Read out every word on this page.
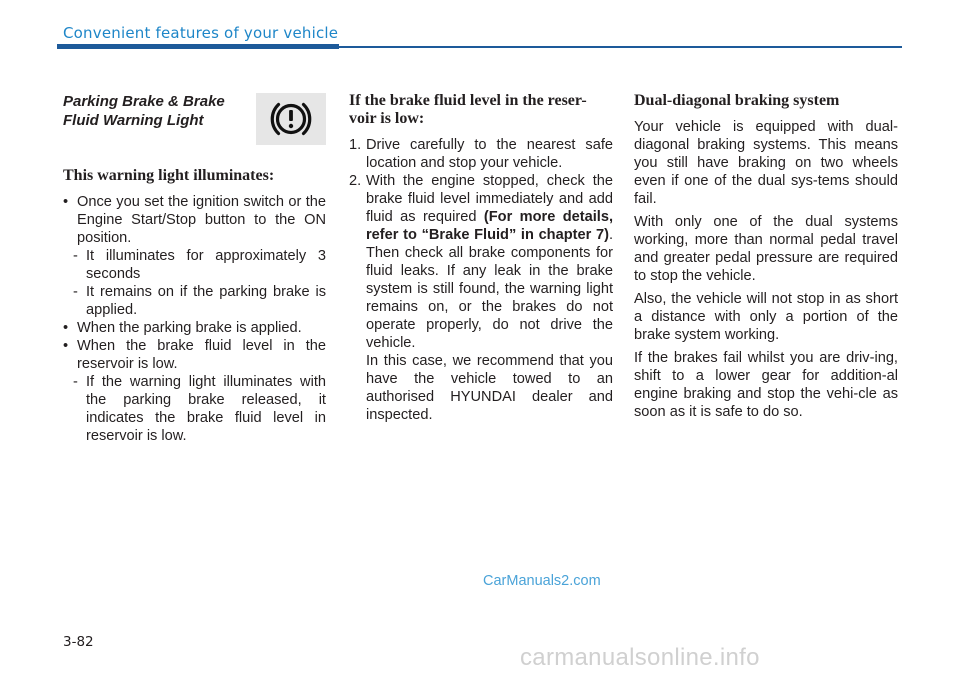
Convenient features of your vehicle

Parking Brake & Brake Fluid Warning Light

This warning light illuminates:

• Once you set the ignition switch or the Engine Start/Stop button to the ON position.

- It illuminates for approximately 3 seconds

- It remains on if the parking brake is applied.

• When the parking brake is applied.

• When the brake fluid level in the reservoir is low.

- If the warning light illuminates with the parking brake released, it indicates the brake fluid level in reservoir is low.

If the brake fluid level in the reser-voir is low:

1. Drive carefully to the nearest safe location and stop your vehicle.

2. With the engine stopped, check the brake fluid level immediately and add fluid as required (For more details, refer to “Brake Fluid” in chapter 7). Then check all brake components for fluid leaks. If any leak in the brake system is still found, the warning light remains on, or the brakes do not operate properly, do not drive the vehicle.

In this case, we recommend that you have the vehicle towed to an authorised HYUNDAI dealer and inspected.

Dual-diagonal braking system

Your vehicle is equipped with dual-diagonal braking systems. This means you still have braking on two wheels even if one of the dual sys-tems should fail.

With only one of the dual systems working, more than normal pedal travel and greater pedal pressure are required to stop the vehicle.

Also, the vehicle will not stop in as short a distance with only a portion of the brake system working.

If the brakes fail whilst you are driv-ing, shift to a lower gear for addition-al engine braking and stop the vehi-cle as soon as it is safe to do so.

CarManuals2.com
3-82
carmanualsonline.info
